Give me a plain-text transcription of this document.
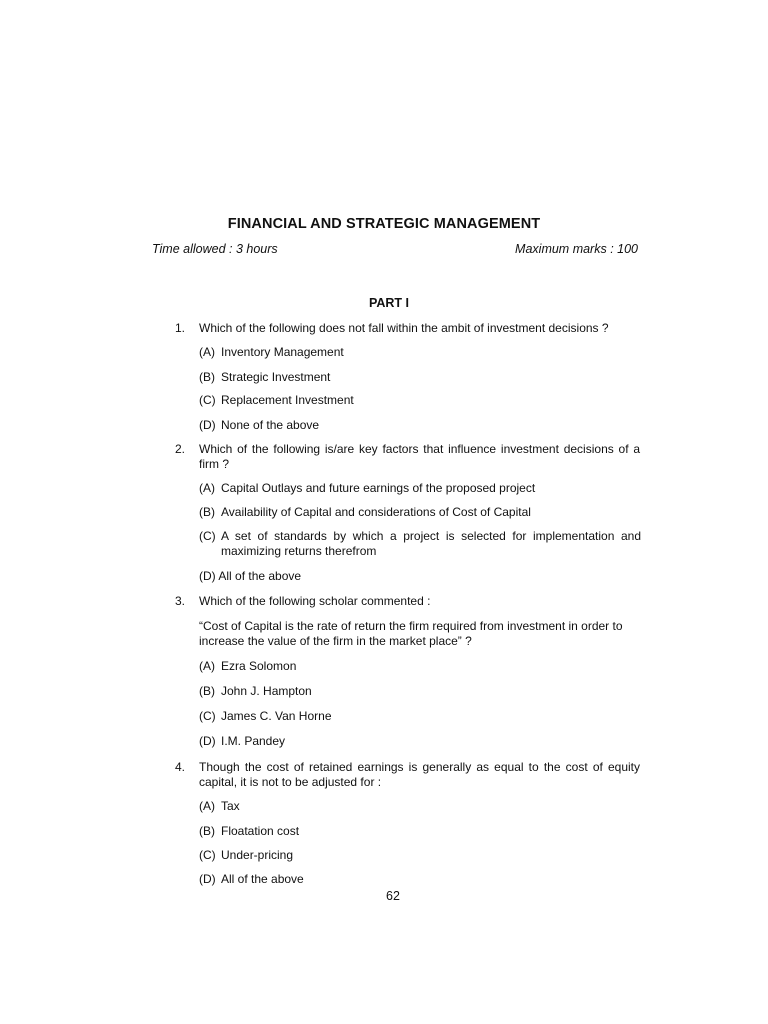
FINANCIAL AND STRATEGIC MANAGEMENT
Time allowed : 3 hours	Maximum marks : 100
PART I
1. Which of the following does not fall within the ambit of investment decisions ?
(A) Inventory Management
(B) Strategic Investment
(C) Replacement Investment
(D) None of the above
2. Which of the following is/are key factors that influence investment decisions of a firm ?
(A) Capital Outlays and future earnings of the proposed project
(B) Availability of Capital and considerations of Cost of Capital
(C) A set of standards by which a project is selected for implementation and maximizing returns therefrom
(D) All of the above
3. Which of the following scholar commented :
“Cost of Capital is the rate of return the firm required from investment in order to increase the value of the firm in the market place” ?
(A) Ezra Solomon
(B) John J. Hampton
(C) James C. Van Horne
(D) I.M. Pandey
4. Though the cost of retained earnings is generally as equal to the cost of equity capital, it is not to be adjusted for :
(A) Tax
(B) Floatation cost
(C) Under-pricing
(D) All of the above
62
